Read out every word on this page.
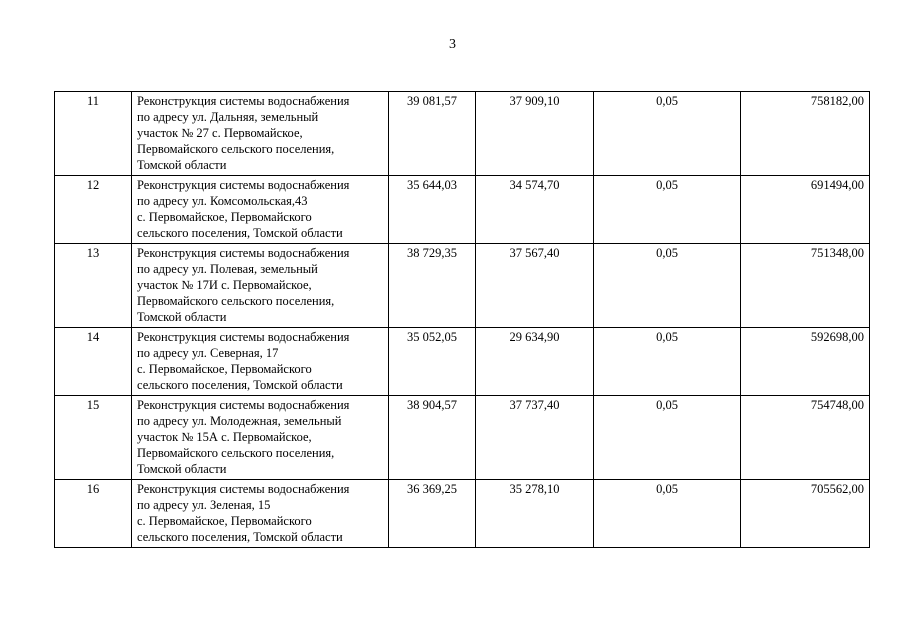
3
11	Реконструкция системы водоснабжения
по адресу ул. Дальняя, земельный
участок № 27 с. Первомайское,
Первомайского сельского поселения,
Томской области	39 081,57	37 909,10	0,05	758182,00
12	Реконструкция системы водоснабжения
по адресу ул. Комсомольская,43
с. Первомайское, Первомайского
сельского поселения, Томской области	35 644,03	34 574,70	0,05	691494,00
13	Реконструкция системы водоснабжения
по адресу ул. Полевая, земельный
участок № 17И с. Первомайское,
Первомайского сельского поселения,
Томской области	38 729,35	37 567,40	0,05	751348,00
14	Реконструкция системы водоснабжения
по адресу ул. Северная, 17
с. Первомайское, Первомайского
сельского поселения, Томской области	35 052,05	29 634,90	0,05	592698,00
15	Реконструкция системы водоснабжения
по адресу ул. Молодежная, земельный
участок № 15А с. Первомайское,
Первомайского сельского поселения,
Томской области	38 904,57	37 737,40	0,05	754748,00
16	Реконструкция системы водоснабжения
по адресу ул. Зеленая, 15
с. Первомайское, Первомайского
сельского поселения, Томской области	36 369,25	35 278,10	0,05	705562,00
